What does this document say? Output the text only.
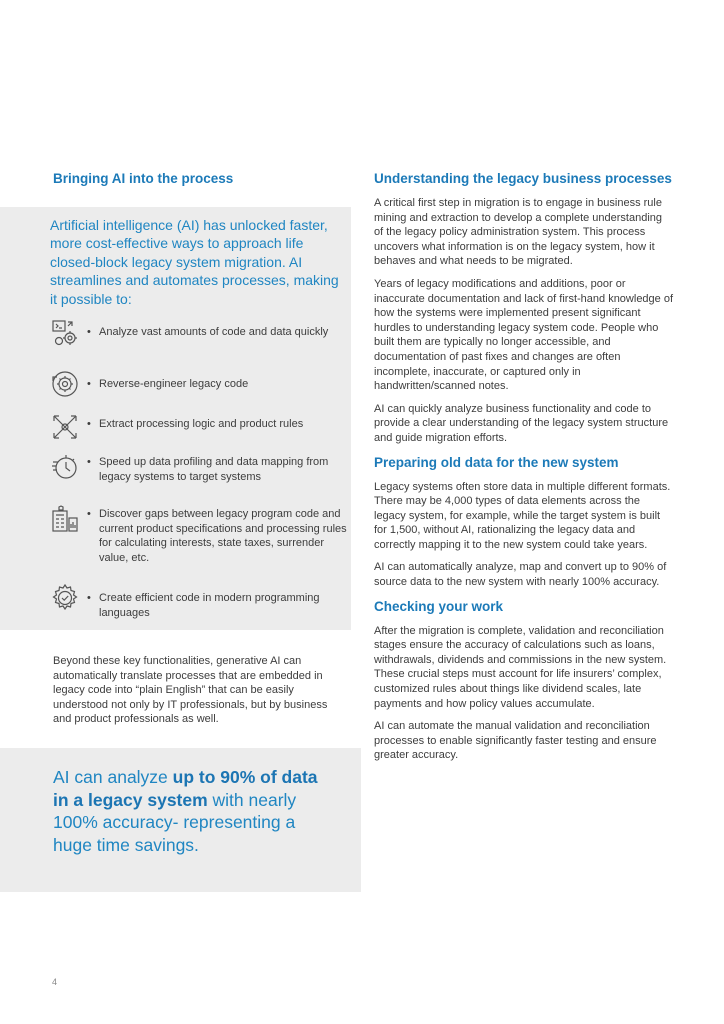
Bringing AI into the process
Artificial intelligence (AI) has unlocked faster, more cost-effective ways to approach life closed-block legacy system migration. AI streamlines and automates processes, making it possible to:
• Analyze vast amounts of code and data quickly
• Reverse-engineer legacy code
• Extract processing logic and product rules
• Speed up data profiling and data mapping from legacy systems to target systems
• Discover gaps between legacy program code and current product specifications and processing rules for calculating interests, state taxes, surrender value, etc.
• Create efficient code in modern programming languages
Beyond these key functionalities, generative AI can automatically translate processes that are embedded in legacy code into “plain English” that can be easily understood not only by IT professionals, but by business and product professionals as well.
AI can analyze up to 90% of data in a legacy system with nearly 100% accuracy- representing a huge time savings.
Understanding the legacy business processes

A critical first step in migration is to engage in business rule mining and extraction to develop a complete understanding of the legacy policy administration system. This process uncovers what information is on the legacy system, how it behaves and what needs to be migrated.

Years of legacy modifications and additions, poor or inaccurate documentation and lack of first-hand knowledge of how the systems were implemented present significant hurdles to understanding legacy system code. People who built them are typically no longer accessible, and documentation of past fixes and changes are often incomplete, inaccurate, or captured only in handwritten/scanned notes.

AI can quickly analyze business functionality and code to provide a clear understanding of the legacy system structure and guide migration efforts.

Preparing old data for the new system

Legacy systems often store data in multiple different formats. There may be 4,000 types of data elements across the legacy system, for example, while the target system is built for 1,500, without AI, rationalizing the legacy data and correctly mapping it to the new system could take years.

AI can automatically analyze, map and convert up to 90% of source data to the new system with nearly 100% accuracy.

Checking your work

After the migration is complete, validation and reconciliation stages ensure the accuracy of calculations such as loans, withdrawals, dividends and commissions in the new system. These crucial steps must account for life insurers’ complex, customized rules about things like dividend scales, late payments and how policy values accumulate.

AI can automate the manual validation and reconciliation processes to enable significantly faster testing and ensure greater accuracy.

4
